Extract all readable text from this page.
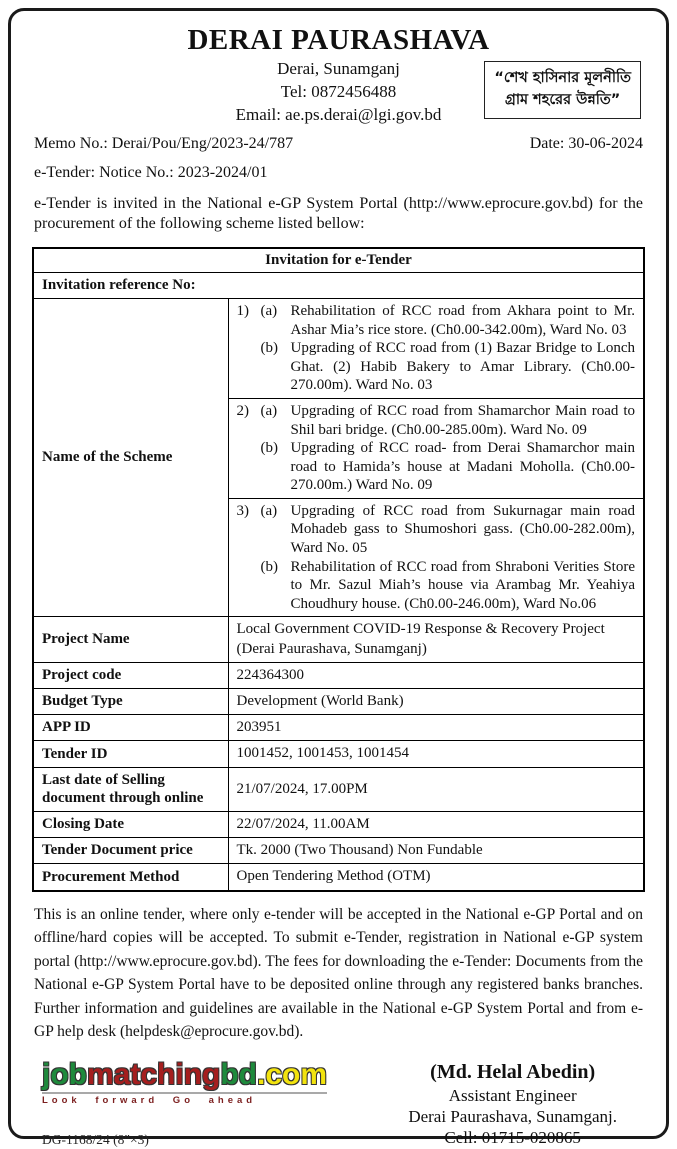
DERAI PAURASHAVA
Derai, Sunamganj
Tel: 0872456488
Email: ae.ps.derai@lgi.gov.bd
“শেখ হাসিনার মূলনীতি
গ্রাম শহরের উন্নতি”
Memo No.: Derai/Pou/Eng/2023-24/787	Date: 30-06-2024
e-Tender: Notice No.: 2023-2024/01
e-Tender is invited in the National e-GP System Portal (http://www.eprocure.gov.bd) for the procurement of the following scheme listed bellow:
Invitation for e-Tender	
Invitation reference No:	
Name of the Scheme	1) (a) Rehabilitation of RCC road from Akhara point to Mr. Ashar Mia’s rice store. (Ch0.00-342.00m), Ward No. 03
(b) Upgrading of RCC road from (1) Bazar Bridge to Lonch Ghat. (2) Habib Bakery to Amar Library. (Ch0.00-270.00m). Ward No. 03

	2) (a) Upgrading of RCC road from Shamarchor Main road to Shil bari bridge. (Ch0.00-285.00m). Ward No. 09
(b) Upgrading of RCC road- from Derai Shamarchor main road to Hamida’s house at Madani Moholla. (Ch0.00-270.00m.) Ward No. 09

	3) (a) Upgrading of RCC road from Sukurnagar main road Mohadeb gass to Shumoshori gass. (Ch0.00-282.00m), Ward No. 05
(b) Rehabilitation of RCC road from Shraboni Verities Store to Mr. Sazul Miah’s house via Arambag Mr. Yeahiya Choudhury house. (Ch0.00-246.00m), Ward No.06

Project Name	Local Government COVID-19 Response & Recovery Project (Derai Paurashava, Sunamganj)
Project code	224364300
Budget Type	Development (World Bank)
APP ID	203951
Tender ID	1001452, 1001453, 1001454
Last date of Selling document through online	21/07/2024, 17.00PM
Closing Date	22/07/2024, 11.00AM
Tender Document price	Tk. 2000 (Two Thousand) Non Fundable
Procurement Method	Open Tendering Method (OTM)
This is an online tender, where only e-tender will be accepted in the National e-GP Portal and on offline/hard copies will be accepted. To submit e-Tender, registration in National e-GP system portal (http://www.eprocure.gov.bd). The fees for downloading the e-Tender: Documents from the National e-GP System Portal have to be deposited online through any registered banks branches. Further information and guidelines are available in the National e-GP System Portal and from e-GP help desk (helpdesk@eprocure.gov.bd).
jobmatchingbd.com
Look forward Go ahead
DG-1168/24 (8″×3)
(Md. Helal Abedin)
Assistant Engineer
Derai Paurashava, Sunamganj.
Cell: 01715-020865
